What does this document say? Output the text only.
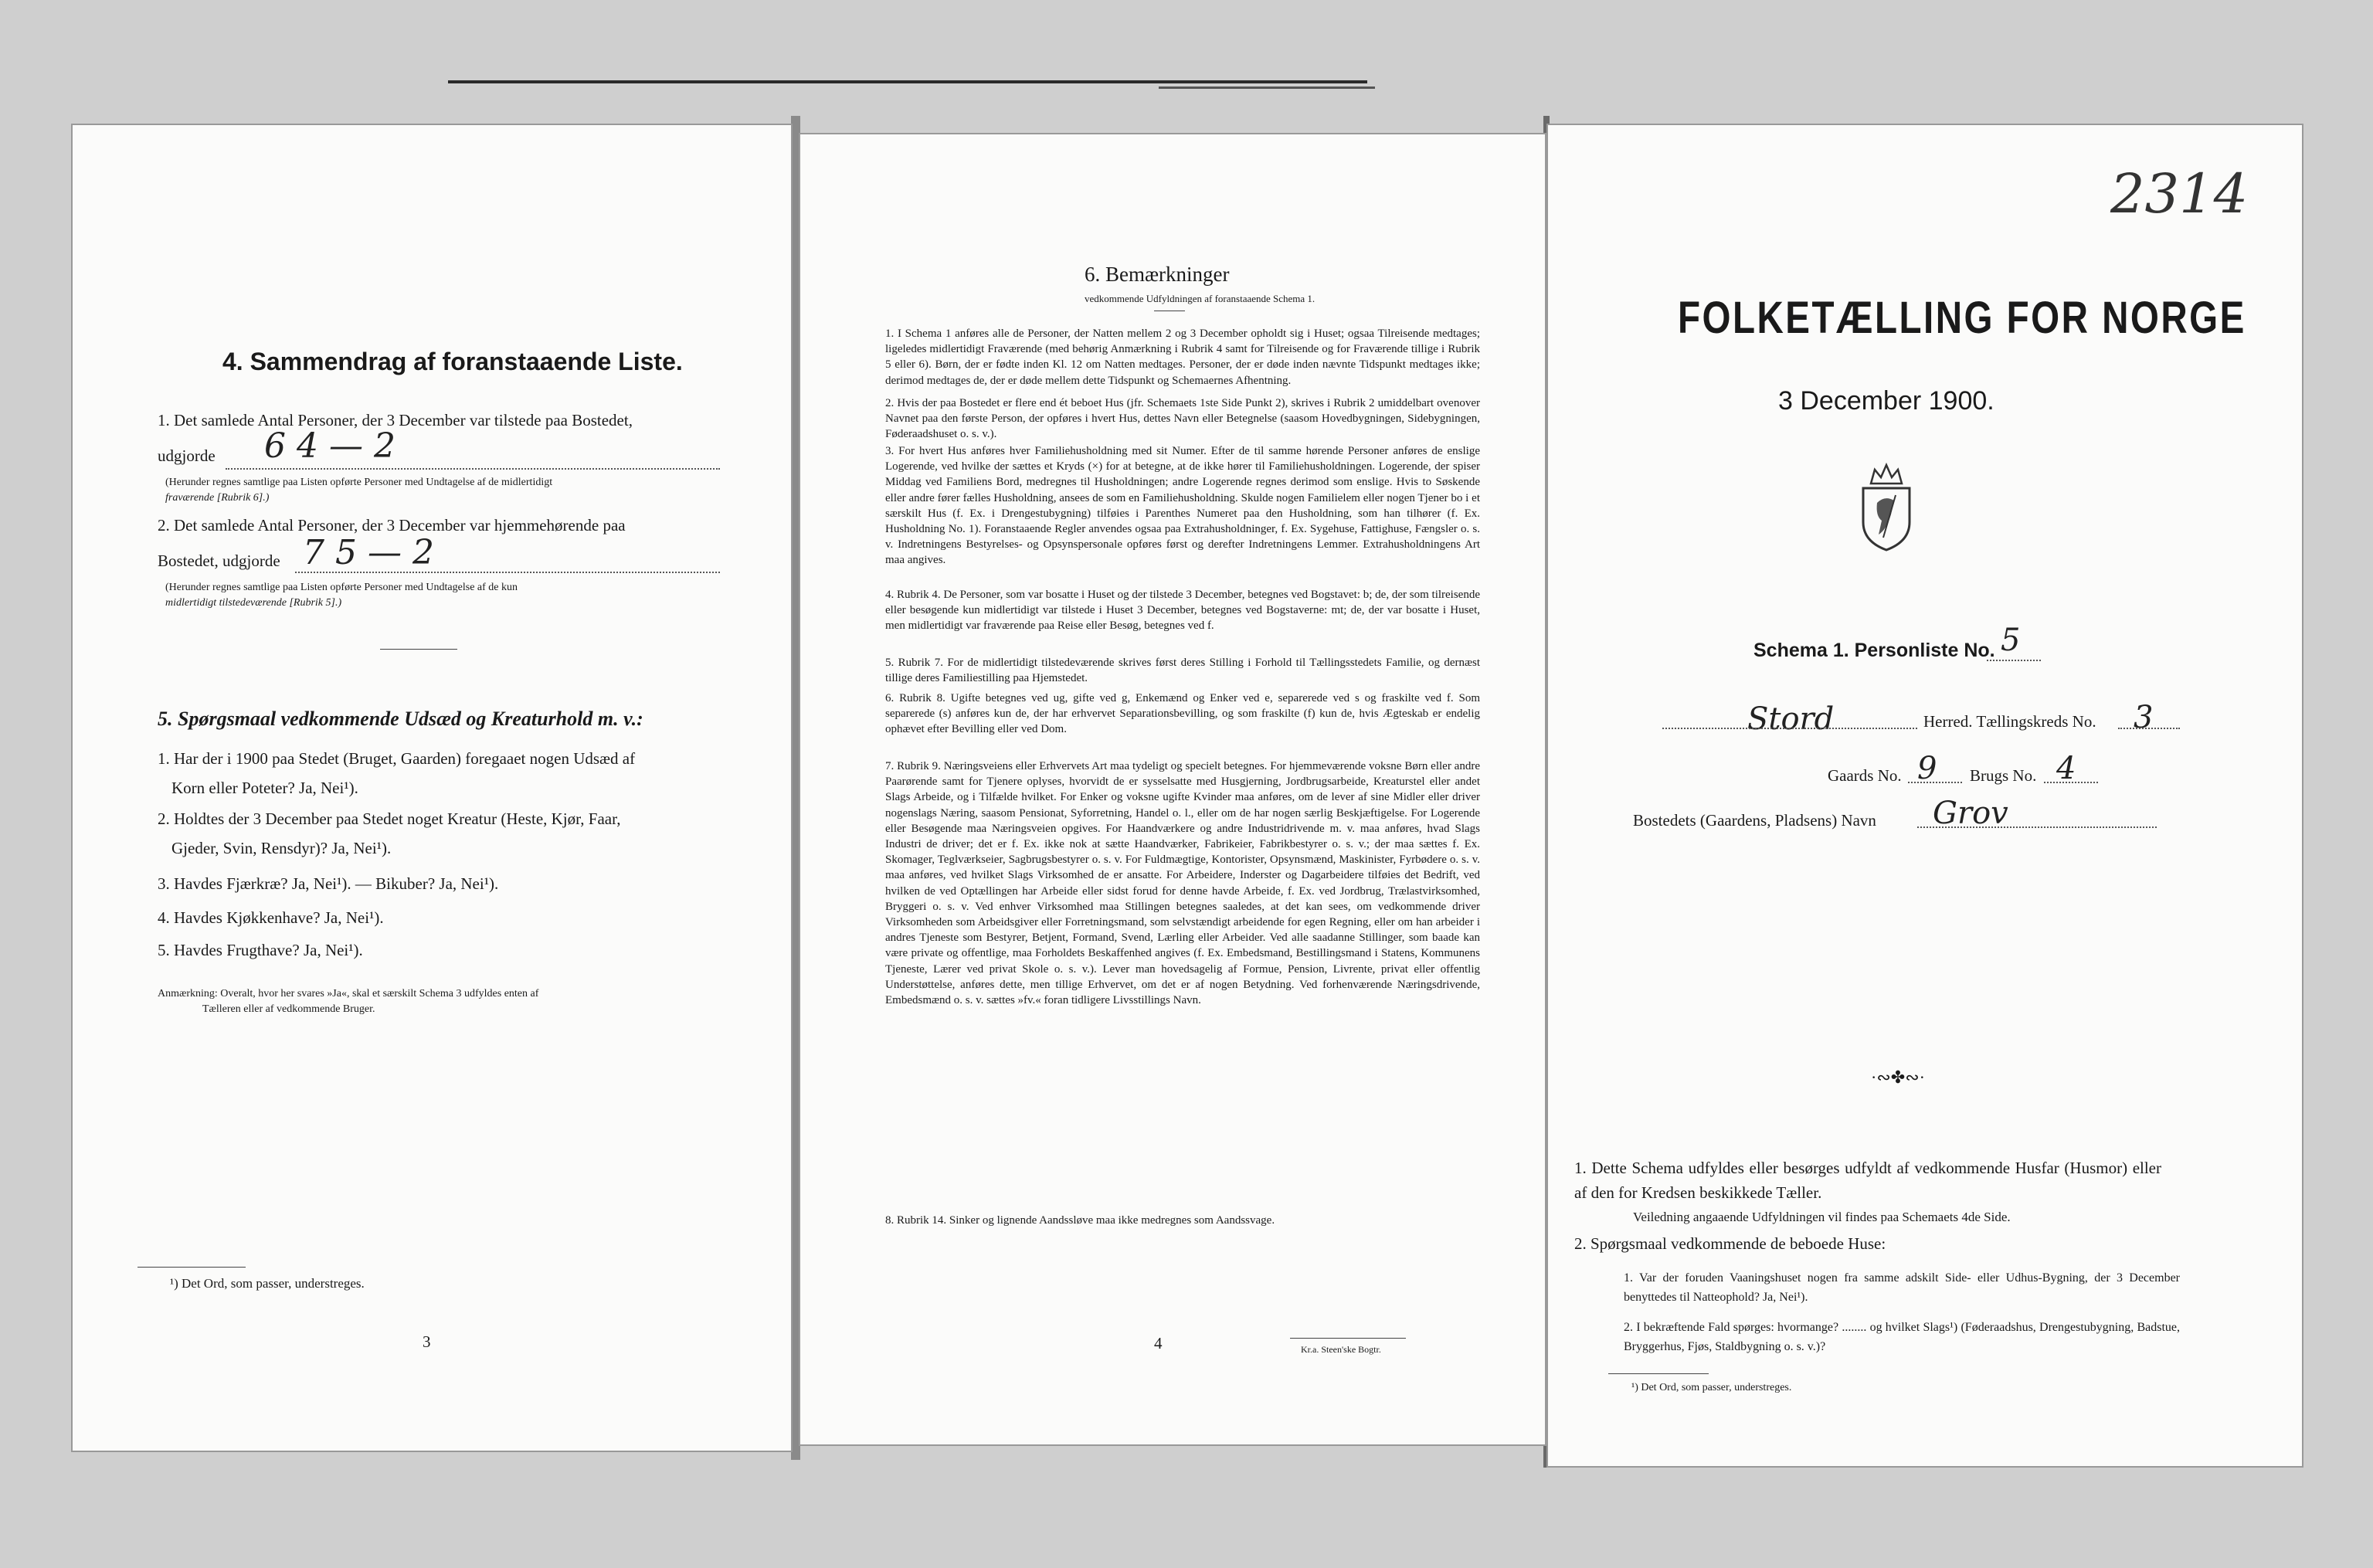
4. Sammendrag af foranstaaende Liste.
1. Det samlede Antal Personer, der 3 December var tilstede paa Bostedet,
udgjorde 6 4 — 2
(Herunder regnes samtlige paa Listen opførte Personer med Undtagelse af de midlertidigt
fraværende [Rubrik 6].)
2. Det samlede Antal Personer, der 3 December var hjemmehørende paa
Bostedet, udgjorde 7 5 — 2
(Herunder regnes samtlige paa Listen opførte Personer med Undtagelse af de kun
midlertidigt tilstedeværende [Rubrik 5].)
5. Spørgsmaal vedkommende Udsæd og Kreaturhold m. v.:
1. Har der i 1900 paa Stedet (Bruget, Gaarden) foregaaet nogen Udsæd af
Korn eller Poteter? Ja, Nei¹).
2. Holdtes der 3 December paa Stedet noget Kreatur (Heste, Kjør, Faar,
Gjeder, Svin, Rensdyr)? Ja, Nei¹).
3. Havdes Fjærkræ? Ja, Nei¹). — Bikuber? Ja, Nei¹).
4. Havdes Kjøkkenhave? Ja, Nei¹).
5. Havdes Frugthave? Ja, Nei¹).
Anmærkning: Overalt, hvor her svares »Ja«, skal et særskilt Schema 3 udfyldes enten af
Tælleren eller af vedkommende Bruger.
¹) Det Ord, som passer, understreges.
3
6. Bemærkninger
vedkommende Udfyldningen af foranstaaende Schema 1.
1. I Schema 1 anføres alle de Personer, der Natten mellem 2 og 3 December opholdt sig i Huset; ogsaa Tilreisende medtages; ligeledes midlertidigt Fraværende (med behørig Anmærkning i Rubrik 4 samt for Tilreisende og for Fraværende tillige i Rubrik 5 eller 6). Børn, der er fødte inden Kl. 12 om Natten medtages. Personer, der er døde inden nævnte Tidspunkt medtages ikke; derimod medtages de, der er døde mellem dette Tidspunkt og Schemaernes Afhentning.
2. Hvis der paa Bostedet er flere end ét beboet Hus (jfr. Schemaets 1ste Side Punkt 2), skrives i Rubrik 2 umiddelbart ovenover Navnet paa den første Person, der opføres i hvert Hus, dettes Navn eller Betegnelse (saasom Hovedbygningen, Sidebygningen, Føderaadshuset o. s. v.).
3. For hvert Hus anføres hver Familiehusholdning med sit Numer. Efter de til samme hørende Personer anføres de enslige Logerende, ved hvilke der sættes et Kryds (×) for at betegne, at de ikke hører til Familiehusholdningen. Logerende, der spiser Middag ved Familiens Bord, medregnes til Husholdningen; andre Logerende regnes derimod som enslige. Hvis to Søskende eller andre fører fælles Husholdning, ansees de som en Familiehusholdning. Skulde nogen Familielem eller nogen Tjener bo i et særskilt Hus (f. Ex. i Drengestubygning) tilføies i Parenthes Numeret paa den Husholdning, som han tilhører (f. Ex. Husholdning No. 1). Foranstaaende Regler anvendes ogsaa paa Extrahusholdninger, f. Ex. Sygehuse, Fattighuse, Fængsler o. s. v. Indretningens Bestyrelses- og Opsynspersonale opføres først og derefter Indretningens Lemmer. Extrahusholdningens Art maa angives.
4. Rubrik 4. De Personer, som var bosatte i Huset og der tilstede 3 December, betegnes ved Bogstavet: b; de, der som tilreisende eller besøgende kun midlertidigt var tilstede i Huset 3 December, betegnes ved Bogstaverne: mt; de, der var bosatte i Huset, men midlertidigt var fraværende paa Reise eller Besøg, betegnes ved f.
5. Rubrik 7. For de midlertidigt tilstedeværende skrives først deres Stilling i Forhold til Tællingsstedets Familie, og dernæst tillige deres Familiestilling paa Hjemstedet.
6. Rubrik 8. Ugifte betegnes ved ug, gifte ved g, Enkemænd og Enker ved e, separerede ved s og fraskilte ved f. Som separerede (s) anføres kun de, der har erhvervet Separationsbevilling, og som fraskilte (f) kun de, hvis Ægteskab er endelig ophævet efter Bevilling eller ved Dom.
7. Rubrik 9. Næringsveiens eller Erhvervets Art maa tydeligt og specielt betegnes. For hjemmeværende voksne Børn eller andre Paarørende samt for Tjenere oplyses, hvorvidt de er sysselsatte med Husgjerning, Jordbrugsarbeide, Kreaturstel eller andet Slags Arbeide, og i Tilfælde hvilket. For Enker og voksne ugifte Kvinder maa anføres, om de lever af sine Midler eller driver nogenslags Næring, saasom Pensionat, Syforretning, Handel o. l., eller om de har nogen særlig Beskjæftigelse. For Logerende eller Besøgende maa Næringsveien opgives. For Haandværkere og andre Industridrivende m. v. maa anføres, hvad Slags Industri de driver; det er f. Ex. ikke nok at sætte Haandværker, Fabrikeier, Fabrikbestyrer o. s. v.; der maa sættes f. Ex. Skomager, Teglværkseier, Sagbrugsbestyrer o. s. v. For Fuldmægtige, Kontorister, Opsynsmænd, Maskinister, Fyrbødere o. s. v. maa anføres, ved hvilket Slags Virksomhed de er ansatte. For Arbeidere, Inderster og Dagarbeidere tilføies det Bedrift, ved hvilken de ved Optællingen har Arbeide eller sidst forud for denne havde Arbeide, f. Ex. ved Jordbrug, Trælastvirksomhed, Bryggeri o. s. v. Ved enhver Virksomhed maa Stillingen betegnes saaledes, at det kan sees, om vedkommende driver Virksomheden som Arbeidsgiver eller Forretningsmand, som selvstændigt arbeidende for egen Regning, eller om han arbeider i andres Tjeneste som Bestyrer, Betjent, Formand, Svend, Lærling eller Arbeider. Ved alle saadanne Stillinger, som baade kan være private og offentlige, maa Forholdets Beskaffenhed angives (f. Ex. Embedsmand, Bestillingsmand i Statens, Kommunens Tjeneste, Lærer ved privat Skole o. s. v.). Lever man hovedsagelig af Formue, Pension, Livrente, privat eller offentlig Understøttelse, anføres dette, men tillige Erhvervet, om det er af nogen Betydning. Ved forhenværende Næringsdrivende, Embedsmænd o. s. v. sættes »fv.« foran tidligere Livsstillings Navn.
8. Rubrik 14. Sinker og lignende Aandssløve maa ikke medregnes som Aandssvage.
4	Kr.a. Steen'ske Bogtr.
2314
FOLKETÆLLING FOR NORGE
3 December 1900.
Schema 1. Personliste No. 5
Stord	Herred. Tællingskreds No. 3
Gaards No. 9 Brugs No. 4
Bostedets (Gaardens, Pladsens) Navn Grov
·∾✤∾·
1. Dette Schema udfyldes eller besørges udfyldt af vedkommende Husfar (Husmor) eller af den for Kredsen beskikkede Tæller.
Veiledning angaaende Udfyldningen vil findes paa Schemaets 4de Side.
2. Spørgsmaal vedkommende de beboede Huse:
1. Var der foruden Vaaningshuset nogen fra samme adskilt Side- eller Udhus-Bygning, der 3 December benyttedes til Natteophold? Ja, Nei¹).
2. I bekræftende Fald spørges: hvormange? ........ og hvilket Slags¹) (Føderaadshus, Drengestubygning, Badstue, Bryggerhus, Fjøs, Staldbygning o. s. v.)?
¹) Det Ord, som passer, understreges.
